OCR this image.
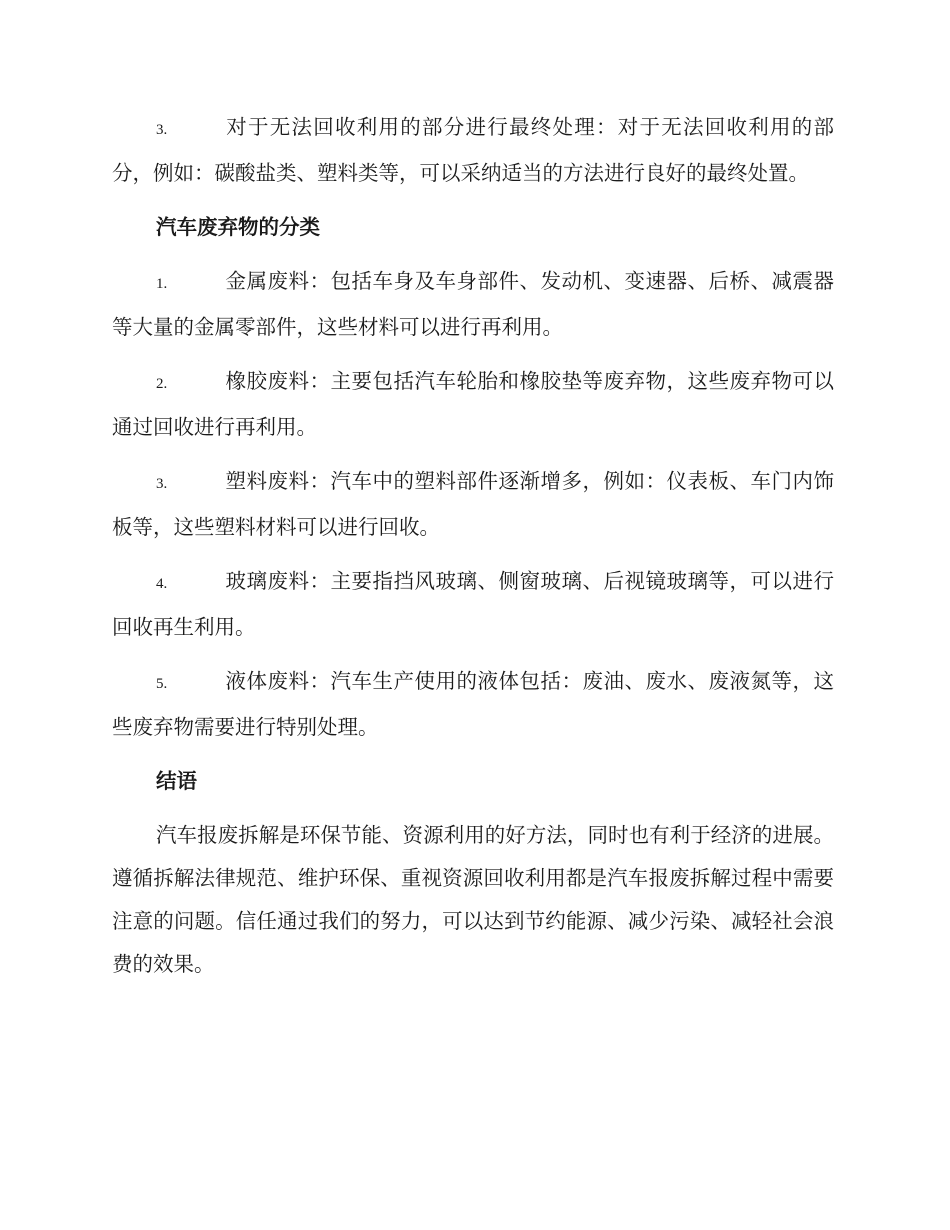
3.	对于无法回收利用的部分进行最终处理：对于无法回收利用的部分，例如：碳酸盐类、塑料类等，可以采纳适当的方法进行良好的最终处置。

汽车废弃物的分类

1.	金属废料：包括车身及车身部件、发动机、变速器、后桥、减震器等大量的金属零部件，这些材料可以进行再利用。

2.	橡胶废料：主要包括汽车轮胎和橡胶垫等废弃物，这些废弃物可以通过回收进行再利用。

3.	塑料废料：汽车中的塑料部件逐渐增多，例如：仪表板、车门内饰板等，这些塑料材料可以进行回收。

4.	玻璃废料：主要指挡风玻璃、侧窗玻璃、后视镜玻璃等，可以进行回收再生利用。

5.	液体废料：汽车生产使用的液体包括：废油、废水、废液氮等，这些废弃物需要进行特别处理。

结语

汽车报废拆解是环保节能、资源利用的好方法，同时也有利于经济的进展。遵循拆解法律规范、维护环保、重视资源回收利用都是汽车报废拆解过程中需要注意的问题。信任通过我们的努力，可以达到节约能源、减少污染、减轻社会浪费的效果。
